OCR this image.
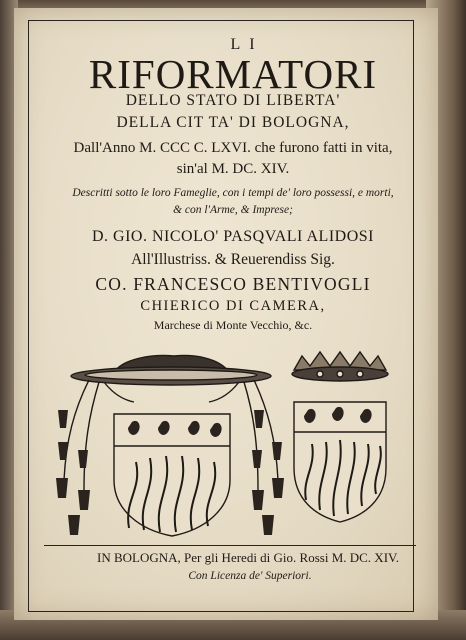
LI
RIFORMATORI
DELLO STATO DI LIBERTA'
DELLA CIT TA' DI BOLOGNA,
Dall'Anno M. CCC C. LXVI. che furono fatti in vita,
sin'al M. DC. XIV.
Descritti sotto le loro Fameglie, con i tempi de' loro possessi, e morti,
& con l'Arme, & Imprese;
D. GIO. NICOLO' PASQVALI ALIDOSI
All'Illustriss. & Reuerendiss Sig.
CO. FRANCESCO BENTIVOGLI
CHIERICO DI CAMERA,
Marchese di Monte Vecchio, &c.
IN BOLOGNA, Per gli Heredi di Gio. Rossi M. DC. XIV.
Con Licenza de' Superiori.
